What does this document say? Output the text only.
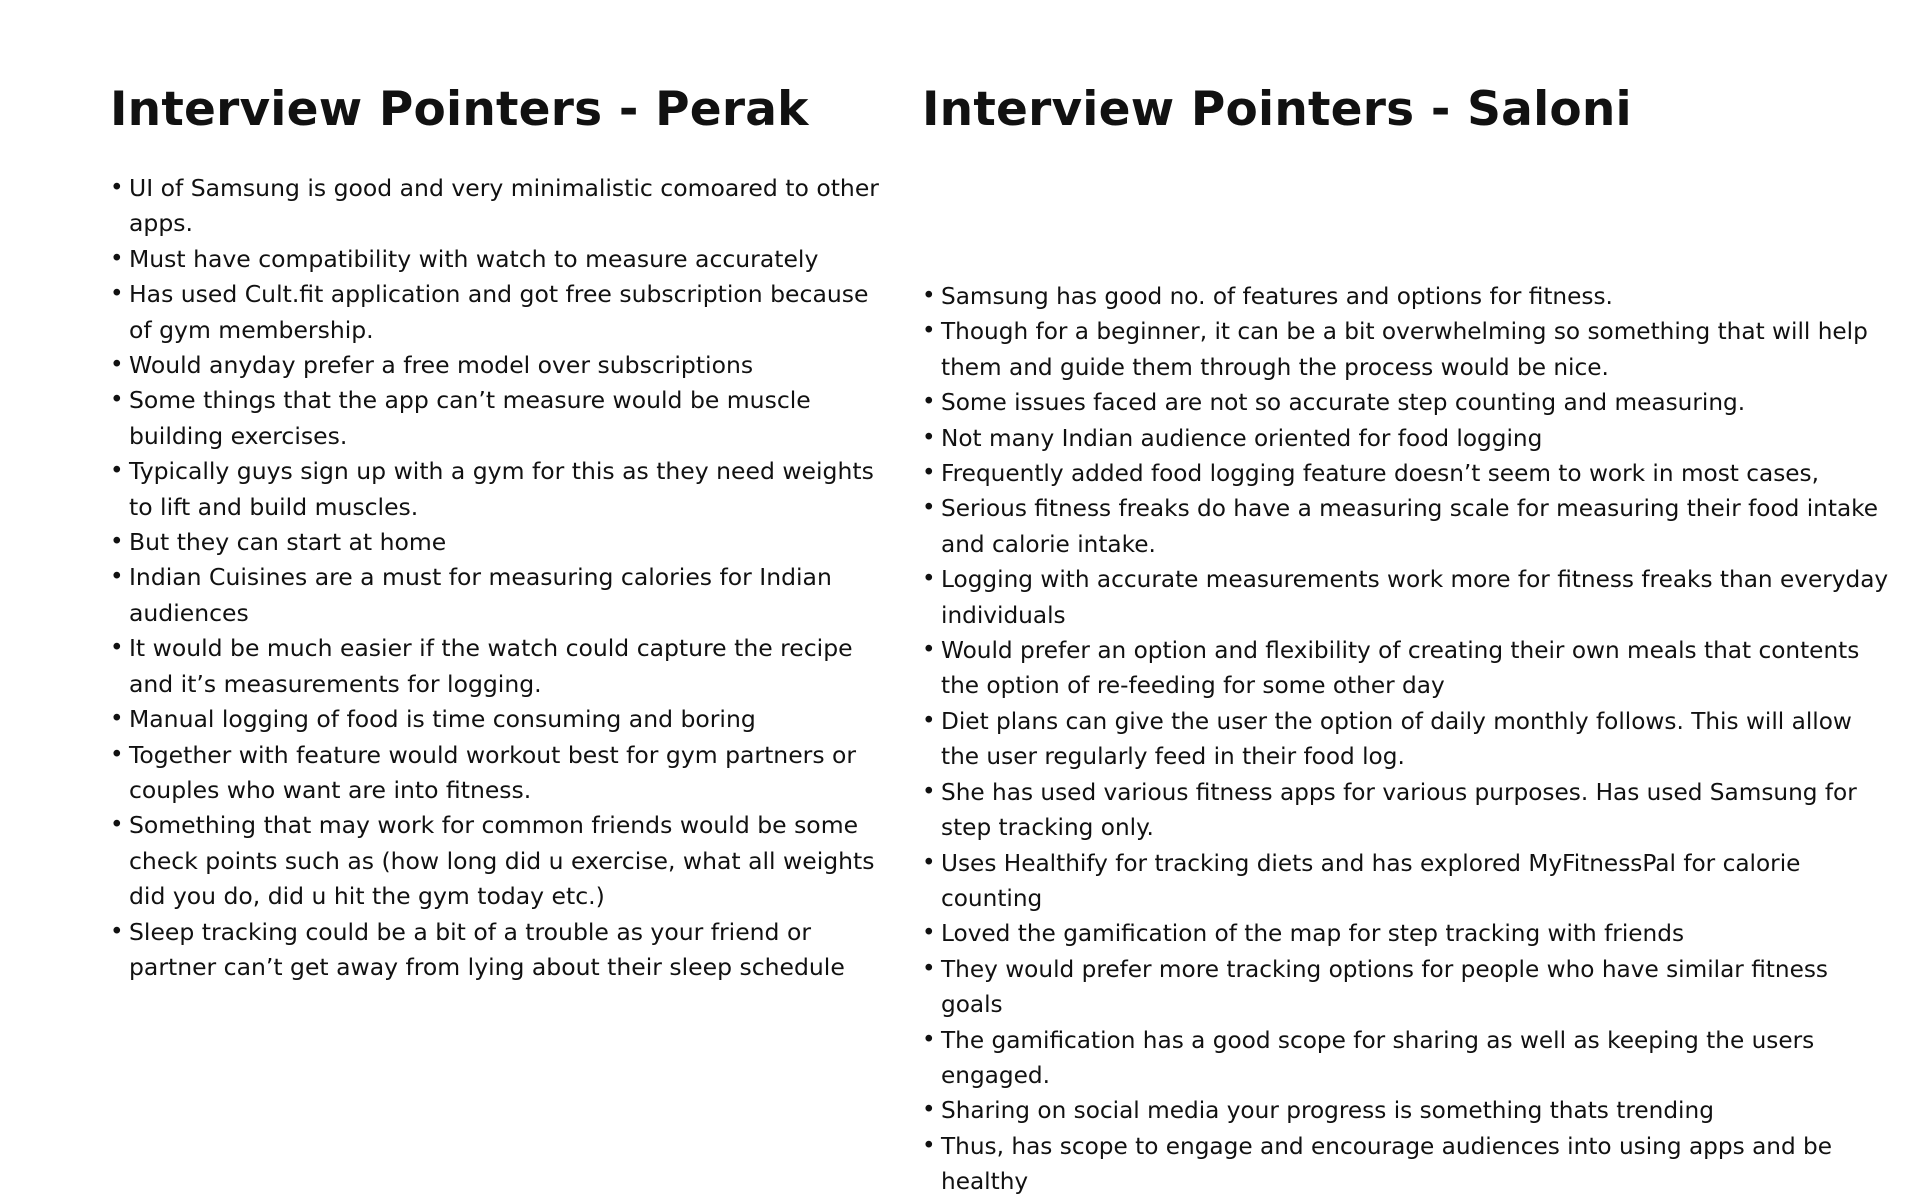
Interview Pointers - Perak
• UI of Samsung is good and very minimalistic comoared to other apps.
• Must have compatibility with watch to measure accurately
• Has used Cult.fit application and got free subscription because of gym membership.
• Would anyday prefer a free model over subscriptions
• Some things that the app can’t measure would be muscle building exercises.
• Typically guys sign up with a gym for this as they need weights to lift and build muscles.
• But they can start at home
• Indian Cuisines are a must for measuring calories for Indian audiences
• It would be much easier if the watch could capture the recipe and it’s measurements for logging.
• Manual logging of food is time consuming and boring
• Together with feature would workout best for gym partners or couples who want are into fitness.
• Something that may work for common friends would be some check points such as (how long did u exercise, what all weights did you do, did u hit the gym today etc.)
• Sleep tracking could be a bit of a trouble as your friend or partner can’t get away from lying about their sleep schedule
Interview Pointers - Saloni
• Samsung has good no. of features and options for fitness.
• Though for a beginner, it can be a bit overwhelming so something that will help them and guide them through the process would be nice.
• Some issues faced are not so accurate step counting and measuring.
• Not many Indian audience oriented for food logging
• Frequently added food logging feature doesn’t seem to work in most cases,
• Serious fitness freaks do have a measuring scale for measuring their food intake and calorie intake.
• Logging with accurate measurements work more for fitness freaks than everyday individuals
• Would prefer an option and flexibility of creating their own meals that contents the option of re-feeding for some other day
• Diet plans can give the user the option of daily monthly follows. This will allow the user regularly feed in their food log.
• She has used various fitness apps for various purposes. Has used Samsung for step tracking only.
• Uses Healthify for tracking diets and has explored MyFitnessPal for calorie counting
• Loved the gamification of the map for step tracking with friends
• They would prefer more tracking options for people who have similar fitness goals
• The gamification has a good scope for sharing as well as keeping the users engaged.
• Sharing on social media your progress is something thats trending
• Thus, has scope to engage and encourage audiences into using apps and be healthy
